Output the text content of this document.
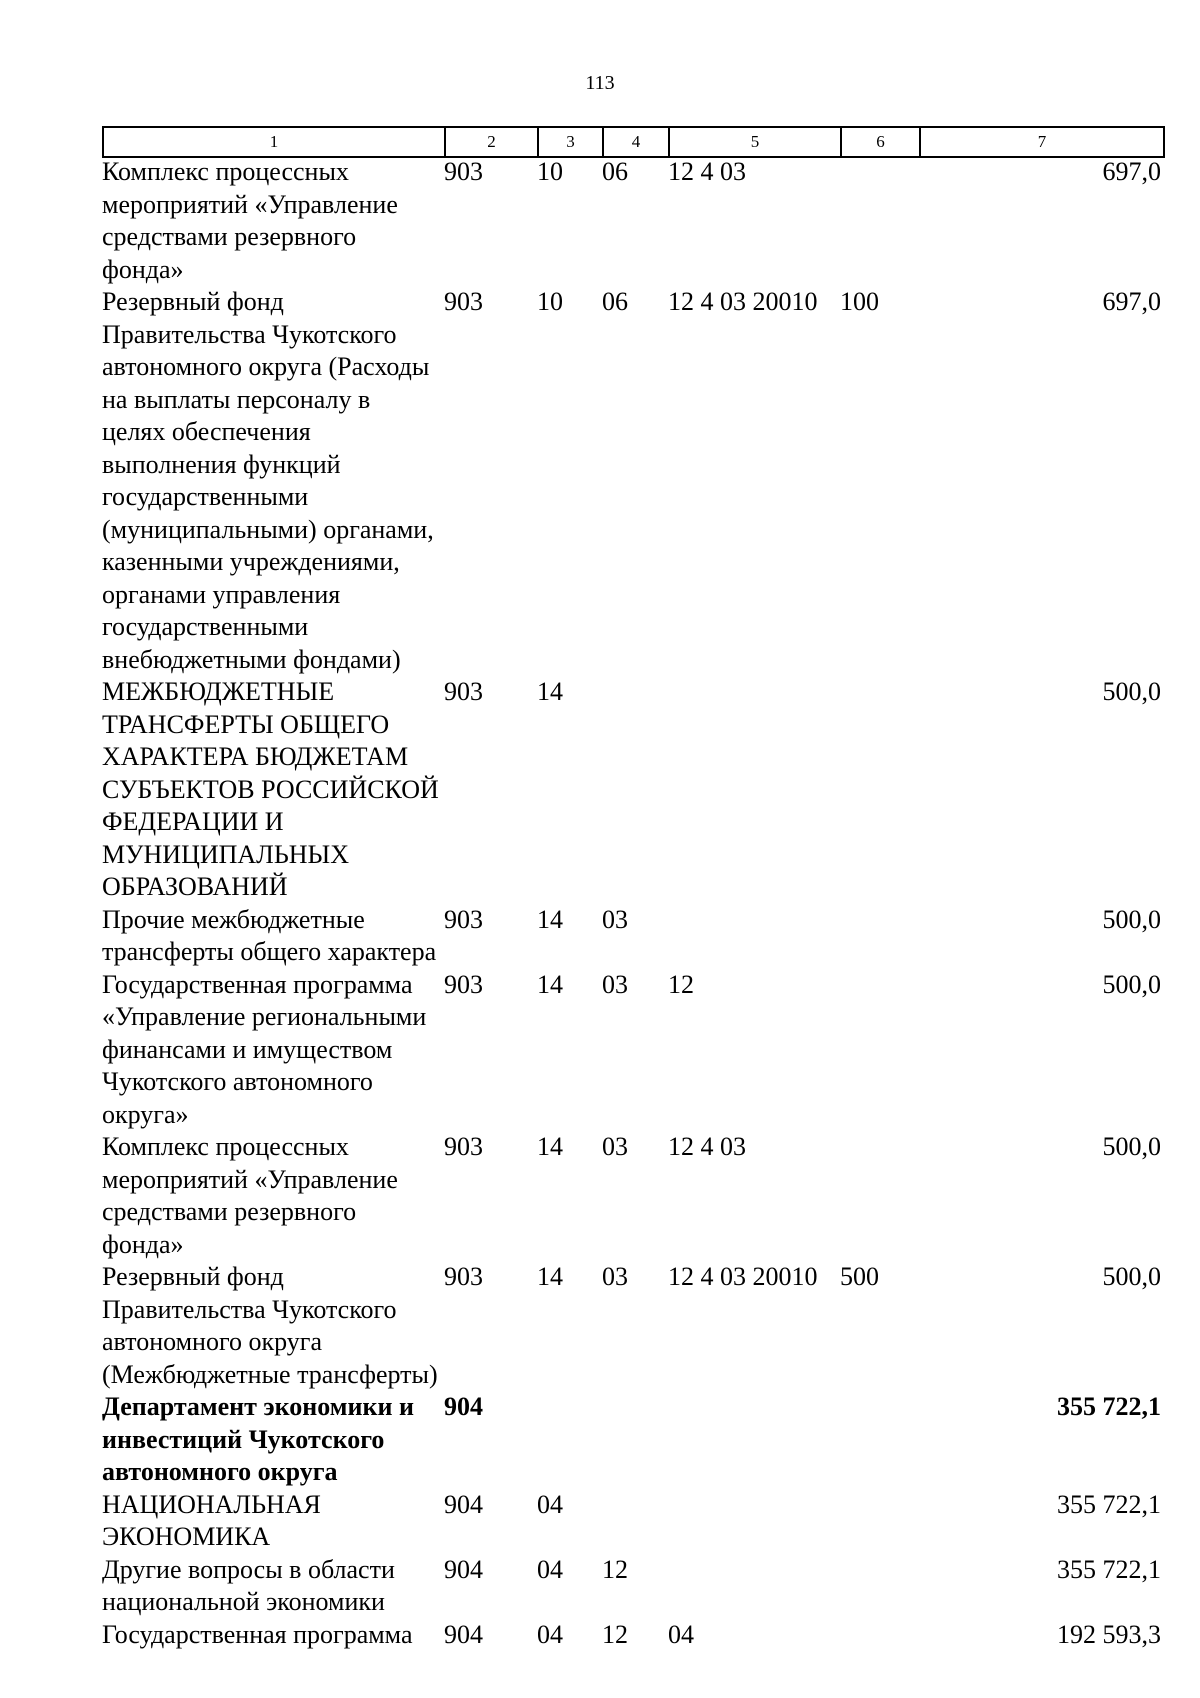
113
1	2	3	4	5	6	7
Комплекс процессных мероприятий «Управление средствами резервного фонда»	903	10	06	12 4 03		697,0
Резервный фонд Правительства Чукотского автономного округа (Расходы на выплаты персоналу в целях обеспечения выполнения функций государственными (муниципальными) органами, казенными учреждениями, органами управления государственными внебюджетными фондами)	903	10	06	12 4 03 20010	100	697,0
МЕЖБЮДЖЕТНЫЕ ТРАНСФЕРТЫ ОБЩЕГО ХАРАКТЕРА БЮДЖЕТАМ СУБЪЕКТОВ РОССИЙСКОЙ ФЕДЕРАЦИИ И МУНИЦИПАЛЬНЫХ ОБРАЗОВАНИЙ	903	14				500,0
Прочие межбюджетные трансферты общего характера	903	14	03			500,0
Государственная программа «Управление региональными финансами и имуществом Чукотского автономного округа»	903	14	03	12		500,0
Комплекс процессных мероприятий «Управление средствами резервного фонда»	903	14	03	12 4 03		500,0
Резервный фонд Правительства Чукотского автономного округа (Межбюджетные трансферты)	903	14	03	12 4 03 20010	500	500,0
Департамент экономики и инвестиций Чукотского автономного округа	904					355 722,1
НАЦИОНАЛЬНАЯ ЭКОНОМИКА	904	04				355 722,1
Другие вопросы в области национальной экономики	904	04	12			355 722,1
Государственная программа	904	04	12	04		192 593,3
